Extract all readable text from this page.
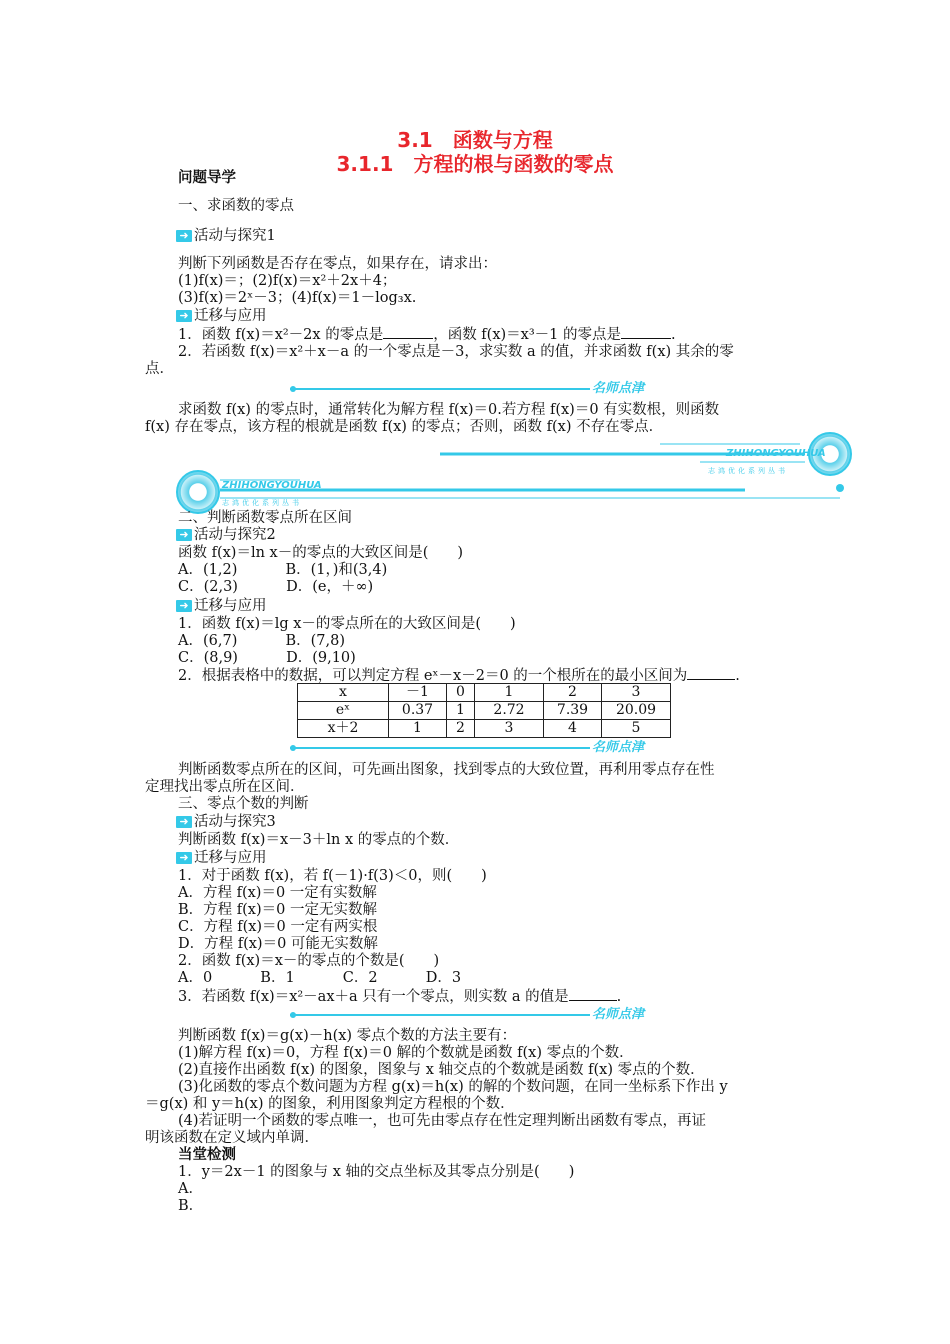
3.1　函数与方程
3.1.1　方程的根与函数的零点
问题导学
一、求函数的零点
➜ 活动与探究1
判断下列函数是否存在零点，如果存在，请求出：
(1)f(x)＝；(2)f(x)＝x²＋2x＋4；
(3)f(x)＝2ˣ－3；(4)f(x)＝1－log₃x.
➜ 迁移与应用
1．函数 f(x)＝x²－2x 的零点是	，函数 f(x)＝x³－1 的零点是	.
2．若函数 f(x)＝x²＋x－a 的一个零点是－3，求实数 a 的值，并求函数 f(x) 其余的零
点．
名师点津
求函数 f(x) 的零点时，通常转化为解方程 f(x)＝0.若方程 f(x)＝0 有实数根，则函数
f(x) 存在零点，该方程的根就是函数 f(x) 的零点；否则，函数 f(x) 不存在零点．
ZHIHONGYOUHUA
志鸿优化系列丛书
ZHIHONGYOUHUA
志鸿优化系列丛书
二、判断函数零点所在区间
➜ 活动与探究2
函数 f(x)＝ln x－的零点的大致区间是(　　)
A．(1,2)　　　 B．(1，)和(3,4)
C．(2,3)　　　 D．(e，＋∞)
➜ 迁移与应用
1．函数 f(x)＝lg x－的零点所在的大致区间是(　　)
A．(6,7)　　　 B．(7,8)
C．(8,9)　　　 D．(9,10)
2．根据表格中的数据，可以判定方程 eˣ－x－2＝0 的一个根所在的最小区间为	.
x	－1	0	1	2	3
eˣ	0.37	1	2.72	7.39	20.09
x＋2	1	2	3	4	5
名师点津
判断函数零点所在的区间，可先画出图象，找到零点的大致位置，再利用零点存在性
定理找出零点所在区间．
三、零点个数的判断
➜ 活动与探究3
判断函数 f(x)＝x－3＋ln x 的零点的个数．
➜ 迁移与应用
1．对于函数 f(x)，若 f(－1)·f(3)＜0，则(　　)
A．方程 f(x)＝0 一定有实数解
B．方程 f(x)＝0 一定无实数解
C．方程 f(x)＝0 一定有两实根
D．方程 f(x)＝0 可能无实数解
2．函数 f(x)＝x－的零点的个数是(　　)
A．0　　　 B．1　　　 C．2　　　 D．3
3．若函数 f(x)＝x²－ax＋a 只有一个零点，则实数 a 的值是	.
名师点津
判断函数 f(x)＝g(x)－h(x) 零点个数的方法主要有：
(1)解方程 f(x)＝0，方程 f(x)＝0 解的个数就是函数 f(x) 零点的个数．
(2)直接作出函数 f(x) 的图象，图象与 x 轴交点的个数就是函数 f(x) 零点的个数．
(3)化函数的零点个数问题为方程 g(x)＝h(x) 的解的个数问题，在同一坐标系下作出 y
＝g(x) 和 y＝h(x) 的图象，利用图象判定方程根的个数．
(4)若证明一个函数的零点唯一，也可先由零点存在性定理判断出函数有零点，再证
明该函数在定义域内单调．
当堂检测
1．y＝2x－1 的图象与 x 轴的交点坐标及其零点分别是(　　)
A．
B．
